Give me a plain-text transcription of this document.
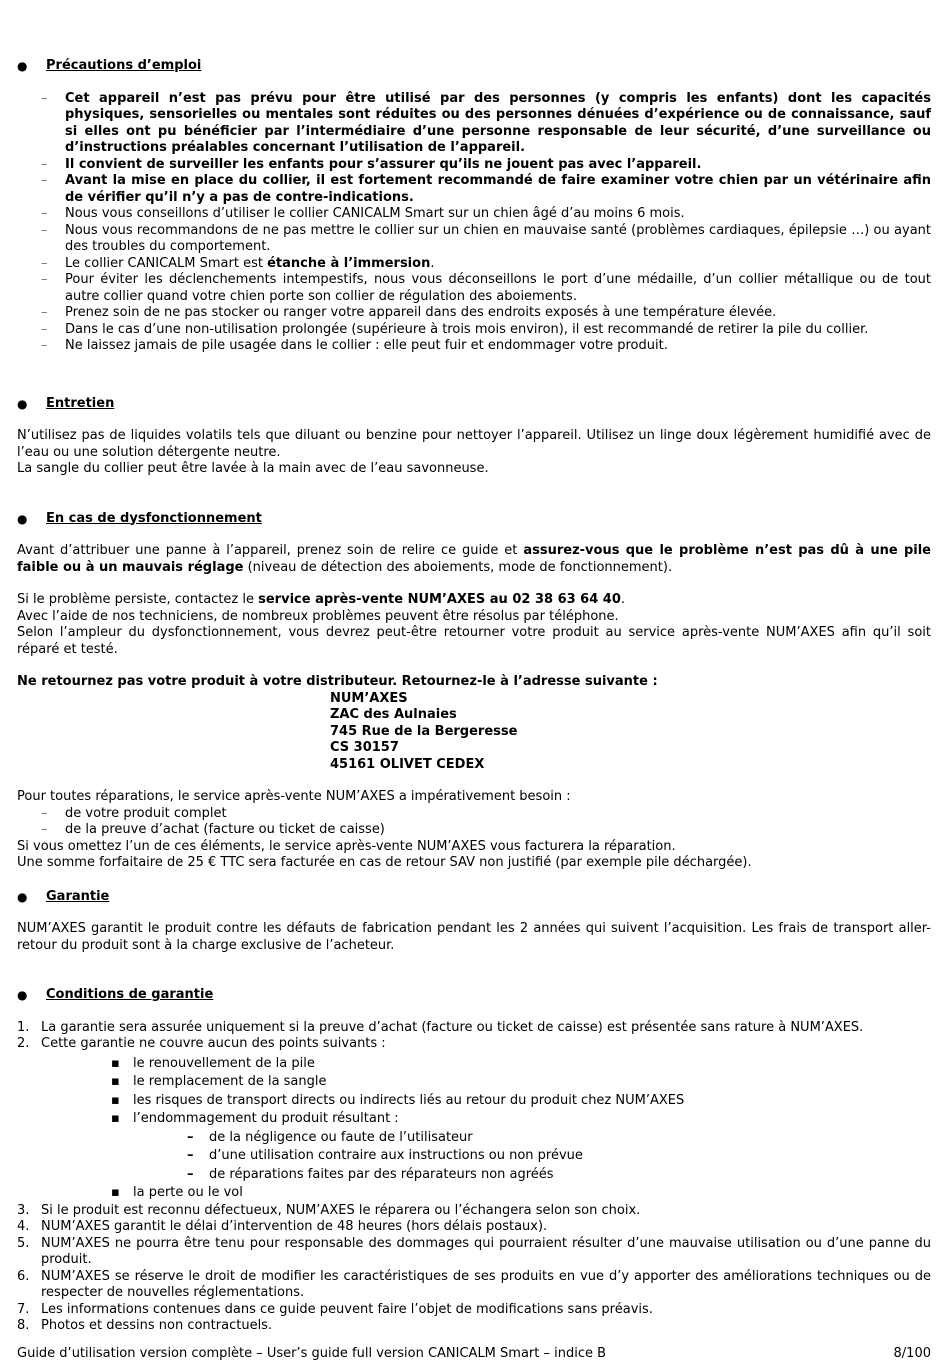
● Précautions d’emploi
– Cet appareil n’est pas prévu pour être utilisé par des personnes (y compris les enfants) dont les capacités physiques, sensorielles ou mentales sont réduites ou des personnes dénuées d’expérience ou de connaissance, sauf si elles ont pu bénéficier par l’intermédiaire d’une personne responsable de leur sécurité, d’une surveillance ou d’instructions préalables concernant l’utilisation de l’appareil.
– Il convient de surveiller les enfants pour s’assurer qu’ils ne jouent pas avec l’appareil.
– Avant la mise en place du collier, il est fortement recommandé de faire examiner votre chien par un vétérinaire afin de vérifier qu’il n’y a pas de contre-indications.
– Nous vous conseillons d’utiliser le collier CANICALM Smart sur un chien âgé d’au moins 6 mois.
– Nous vous recommandons de ne pas mettre le collier sur un chien en mauvaise santé (problèmes cardiaques, épilepsie …) ou ayant des troubles du comportement.
– Le collier CANICALM Smart est étanche à l’immersion.
– Pour éviter les déclenchements intempestifs, nous vous déconseillons le port d’une médaille, d’un collier métallique ou de tout autre collier quand votre chien porte son collier de régulation des aboiements.
– Prenez soin de ne pas stocker ou ranger votre appareil dans des endroits exposés à une température élevée.
– Dans le cas d’une non-utilisation prolongée (supérieure à trois mois environ), il est recommandé de retirer la pile du collier.
– Ne laissez jamais de pile usagée dans le collier : elle peut fuir et endommager votre produit.
● Entretien

N’utilisez pas de liquides volatils tels que diluant ou benzine pour nettoyer l’appareil. Utilisez un linge doux légèrement humidifié avec de l’eau ou une solution détergente neutre.

La sangle du collier peut être lavée à la main avec de l’eau savonneuse.

● En cas de dysfonctionnement

Avant d’attribuer une panne à l’appareil, prenez soin de relire ce guide et assurez-vous que le problème n’est pas dû à une pile faible ou à un mauvais réglage (niveau de détection des aboiements, mode de fonctionnement).

Si le problème persiste, contactez le service après-vente NUM’AXES au 02 38 63 64 40.

Avec l’aide de nos techniciens, de nombreux problèmes peuvent être résolus par téléphone.

Selon l’ampleur du dysfonctionnement, vous devrez peut-être retourner votre produit au service après-vente NUM’AXES afin qu’il soit réparé et testé.

Ne retournez pas votre produit à votre distributeur. Retournez-le à l’adresse suivante :

NUM’AXES
ZAC des Aulnaies
745 Rue de la Bergeresse
CS 30157
45161 OLIVET CEDEX

Pour toutes réparations, le service après-vente NUM’AXES a impérativement besoin :

– de votre produit complet
– de la preuve d’achat (facture ou ticket de caisse)

Si vous omettez l’un de ces éléments, le service après-vente NUM’AXES vous facturera la réparation.

Une somme forfaitaire de 25 € TTC sera facturée en cas de retour SAV non justifié (par exemple pile déchargée).

● Garantie

NUM’AXES garantit le produit contre les défauts de fabrication pendant les 2 années qui suivent l’acquisition. Les frais de transport aller-retour du produit sont à la charge exclusive de l’acheteur.

● Conditions de garantie
1. La garantie sera assurée uniquement si la preuve d’achat (facture ou ticket de caisse) est présentée sans rature à NUM’AXES.
2. Cette garantie ne couvre aucun des points suivants :
▪ le renouvellement de la pile
▪ le remplacement de la sangle
▪ les risques de transport directs ou indirects liés au retour du produit chez NUM’AXES
▪ l’endommagement du produit résultant :
– de la négligence ou faute de l’utilisateur
– d’une utilisation contraire aux instructions ou non prévue
– de réparations faites par des réparateurs non agréés
▪ la perte ou le vol
3. Si le produit est reconnu défectueux, NUM’AXES le réparera ou l’échangera selon son choix.
4. NUM’AXES garantit le délai d’intervention de 48 heures (hors délais postaux).
5. NUM’AXES ne pourra être tenu pour responsable des dommages qui pourraient résulter d’une mauvaise utilisation ou d’une panne du produit.
6. NUM’AXES se réserve le droit de modifier les caractéristiques de ses produits en vue d’y apporter des améliorations techniques ou de respecter de nouvelles réglementations.
7. Les informations contenues dans ce guide peuvent faire l’objet de modifications sans préavis.
8. Photos et dessins non contractuels.
Guide d’utilisation version complète – User’s guide full version CANICALM Smart – indice B	8/100
